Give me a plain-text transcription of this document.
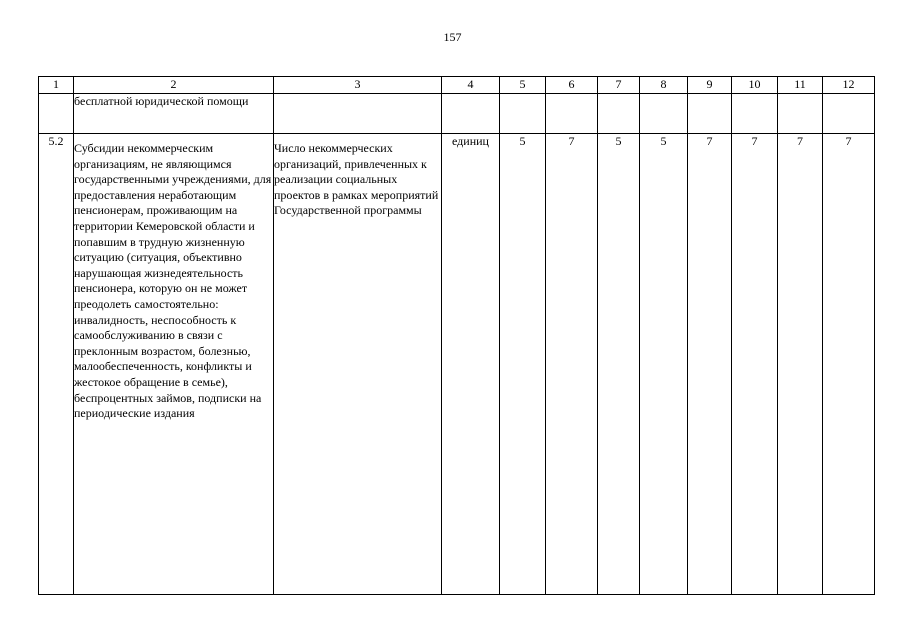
157
1	2	3	4	5	6	7	8	9	10	11	12
	бесплатной юридической помощи										
5.2	Субсидии некоммерческим организациям, не являющимся государственными учреждениями, для предоставления неработающим пенсионерам, проживающим на территории Кемеровской области и попавшим в трудную жизненную ситуацию (ситуация, объективно нарушающая жизнедеятельность пенсионера, которую он не может преодолеть самостоятельно: инвалидность, неспособность к самообслуживанию в связи с преклонным возрастом, болезнью, малообеспеченность, конфликты и жестокое обращение в семье), беспроцентных займов, подписки на периодические издания	Число некоммерческих организаций, привлеченных к реализации социальных проектов в рамках мероприятий Государственной программы	единиц	5	7	5	5	7	7	7	7
